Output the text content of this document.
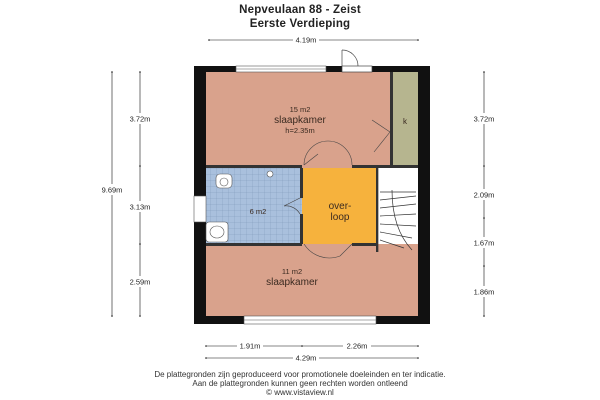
Nepveulaan 88 - Zeist
Eerste Verdieping
15 m2
slaapkamer
h=2.35m
k
6 m2	over-
loop
11 m2
slaapkamer
4.19m
1.91m	2.26m
4.29m
9.69m
3.72m
3.13m
2.59m
3.72m
2.09m
1.67m
1.86m
De plattegronden zijn geproduceerd voor promotionele doeleinden en ter indicatie.
Aan de plattegronden kunnen geen rechten worden ontleend
© www.vistaview.nl
